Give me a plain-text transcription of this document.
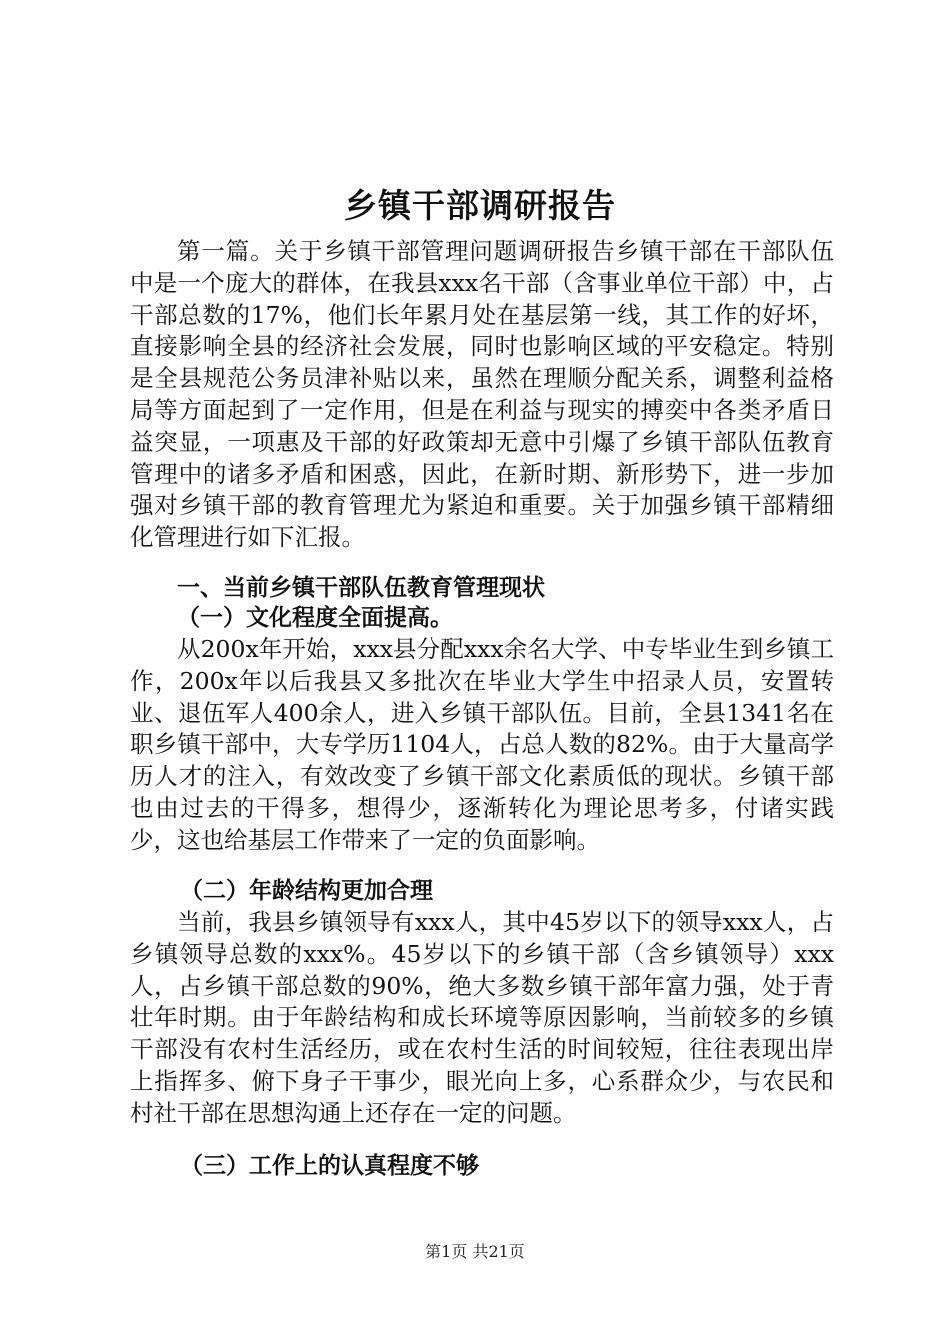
乡镇干部调研报告

第一篇。关于乡镇干部管理问题调研报告乡镇干部在干部队伍中是一个庞大的群体，在我县xxx名干部（含事业单位干部）中，占干部总数的17%，他们长年累月处在基层第一线，其工作的好坏，直接影响全县的经济社会发展，同时也影响区域的平安稳定。特别是全县规范公务员津补贴以来，虽然在理顺分配关系，调整利益格局等方面起到了一定作用，但是在利益与现实的搏奕中各类矛盾日益突显，一项惠及干部的好政策却无意中引爆了乡镇干部队伍教育管理中的诸多矛盾和困惑，因此，在新时期、新形势下，进一步加强对乡镇干部的教育管理尤为紧迫和重要。关于加强乡镇干部精细化管理进行如下汇报。

一、当前乡镇干部队伍教育管理现状
（一）文化程度全面提高。

从200x年开始，xxx县分配xxx余名大学、中专毕业生到乡镇工作，200x年以后我县又多批次在毕业大学生中招录人员，安置转业、退伍军人400余人，进入乡镇干部队伍。目前，全县1341名在职乡镇干部中，大专学历1104人，占总人数的82%。由于大量高学历人才的注入，有效改变了乡镇干部文化素质低的现状。乡镇干部也由过去的干得多，想得少，逐渐转化为理论思考多，付诸实践少，这也给基层工作带来了一定的负面影响。

（二）年龄结构更加合理

当前，我县乡镇领导有xxx人，其中45岁以下的领导xxx人，占乡镇领导总数的xxx%。45岁以下的乡镇干部（含乡镇领导）xxx人，占乡镇干部总数的90%，绝大多数乡镇干部年富力强，处于青壮年时期。由于年龄结构和成长环境等原因影响，当前较多的乡镇干部没有农村生活经历，或在农村生活的时间较短，往往表现出岸上指挥多、俯下身子干事少，眼光向上多，心系群众少，与农民和村社干部在思想沟通上还存在一定的问题。

（三）工作上的认真程度不够
第1页 共21页
